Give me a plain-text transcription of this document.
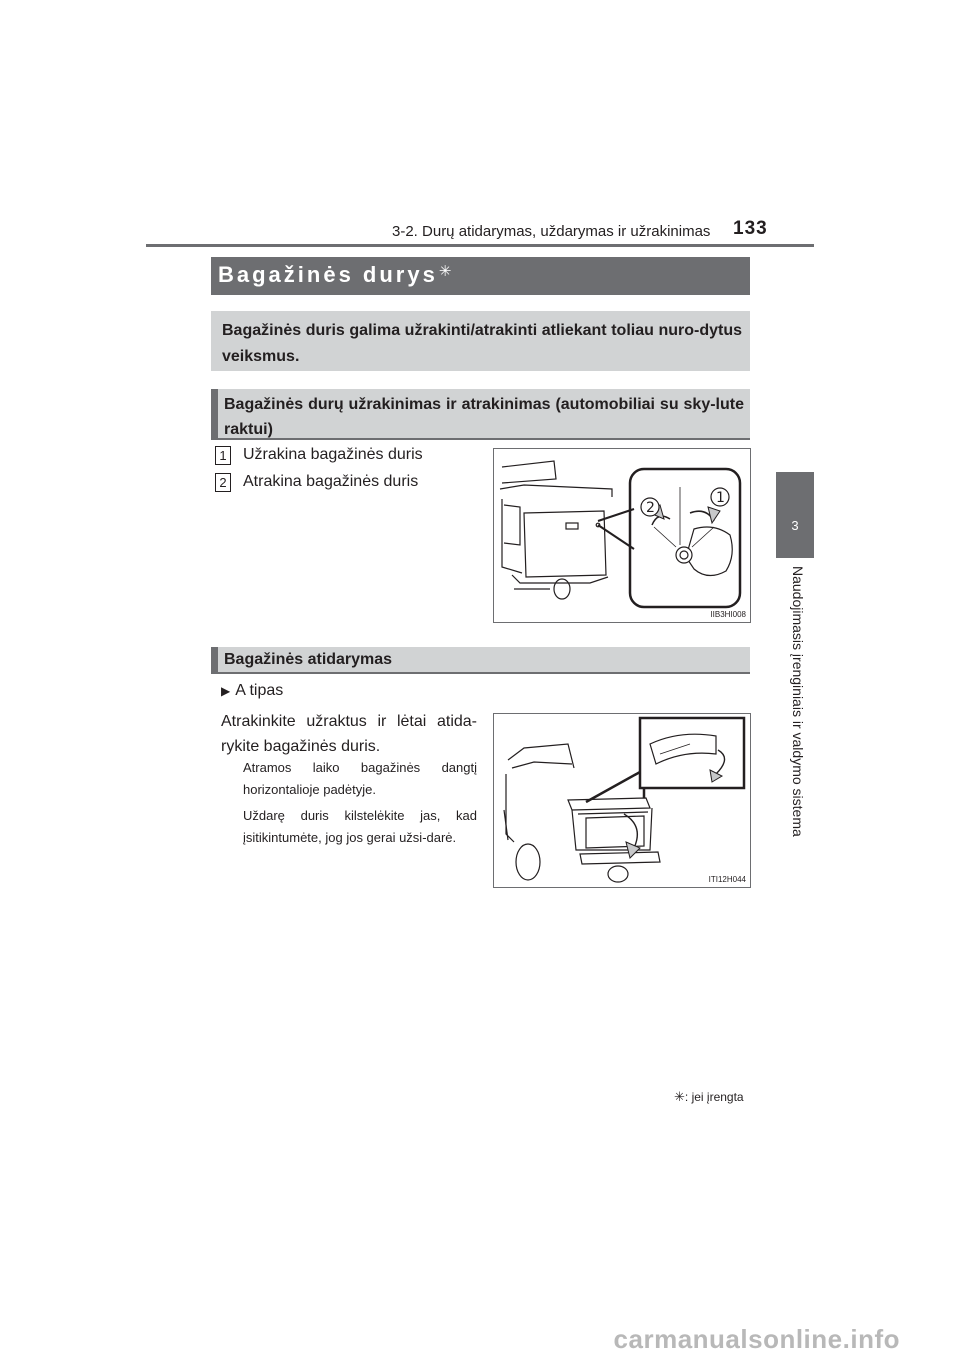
3-2. Durų atidarymas, uždarymas ir užrakinimas 133
3
Naudojimasis įrenginiais ir valdymo sistema
Bagažinės durys✳
Bagažinės duris galima užrakinti/atrakinti atliekant toliau nuro-dytus veiksmus.
Bagažinės durų užrakinimas ir atrakinimas (automobiliai su sky-lute raktui)
1 Užrakina bagažinės duris
2 Atrakina bagažinės duris
2
1
IIB3HI008
Bagažinės atidarymas
▶ A tipas
Atrakinkite užraktus ir lėtai atida-rykite bagažinės duris.
Atramos laiko bagažinės dangtį horizontalioje padėtyje.
Uždarę duris kilstelėkite jas, kad įsitikintumėte, jog jos gerai užsi-darė.
ITI12H044
✳: jei įrengta
carmanualsonline.info
